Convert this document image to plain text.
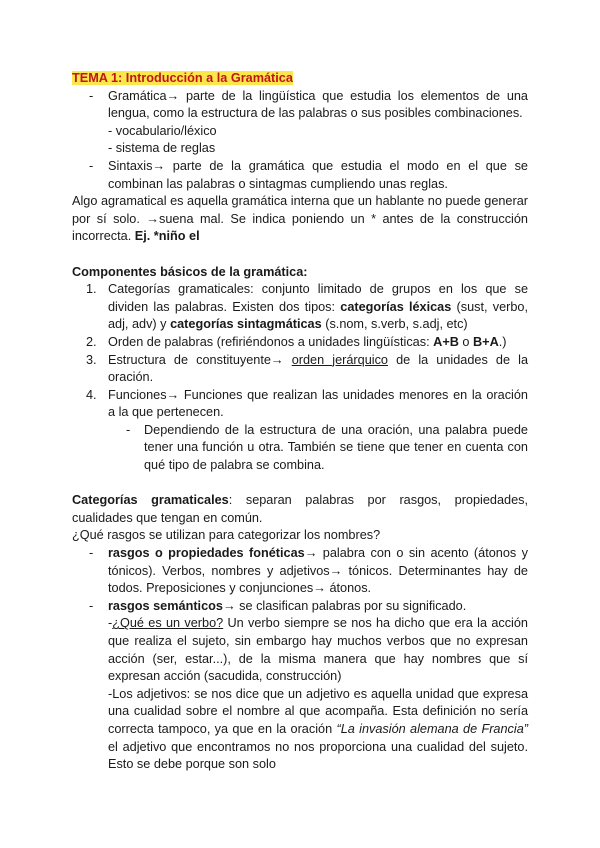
TEMA 1: Introducción a la Gramática
- Gramática→ parte de la lingüística que estudia los elementos de una lengua, como la estructura de las palabras o sus posibles combinaciones.
- vocabulario/léxico
- sistema de reglas
- Sintaxis→ parte de la gramática que estudia el modo en el que se combinan las palabras o sintagmas cumpliendo unas reglas.

Algo agramatical es aquella gramática interna que un hablante no puede generar por sí solo. →suena mal. Se indica poniendo un * antes de la construcción incorrecta. Ej. *niño el

Componentes básicos de la gramática:

1. Categorías gramaticales: conjunto limitado de grupos en los que se dividen las palabras. Existen dos tipos: categorías léxicas (sust, verbo, adj, adv) y categorías sintagmáticas (s.nom, s.verb, s.adj, etc)
2. Orden de palabras (refiriéndonos a unidades lingüísticas: A+B o B+A.)
3. Estructura de constituyente→ orden jerárquico de la unidades de la oración.
4. Funciones→ Funciones que realizan las unidades menores en la oración a la que pertenecen.
- Dependiendo de la estructura de una oración, una palabra puede tener una función u otra. También se tiene que tener en cuenta con qué tipo de palabra se combina.

Categorías gramaticales: separan palabras por rasgos, propiedades, cualidades que tengan en común.

¿Qué rasgos se utilizan para categorizar los nombres?

- rasgos o propiedades fonéticas→ palabra con o sin acento (átonos y tónicos). Verbos, nombres y adjetivos→ tónicos. Determinantes hay de todos. Preposiciones y conjunciones→ átonos.
- rasgos semánticos→ se clasifican palabras por su significado.

-¿Qué es un verbo? Un verbo siempre se nos ha dicho que era la acción que realiza el sujeto, sin embargo hay muchos verbos que no expresan acción (ser, estar...), de la misma manera que hay nombres que sí expresan acción (sacudida, construcción)

-Los adjetivos: se nos dice que un adjetivo es aquella unidad que expresa una cualidad sobre el nombre al que acompaña. Esta definición no sería correcta tampoco, ya que en la oración “La invasión alemana de Francia” el adjetivo que encontramos no nos proporciona una cualidad del sujeto. Esto se debe porque son solo
